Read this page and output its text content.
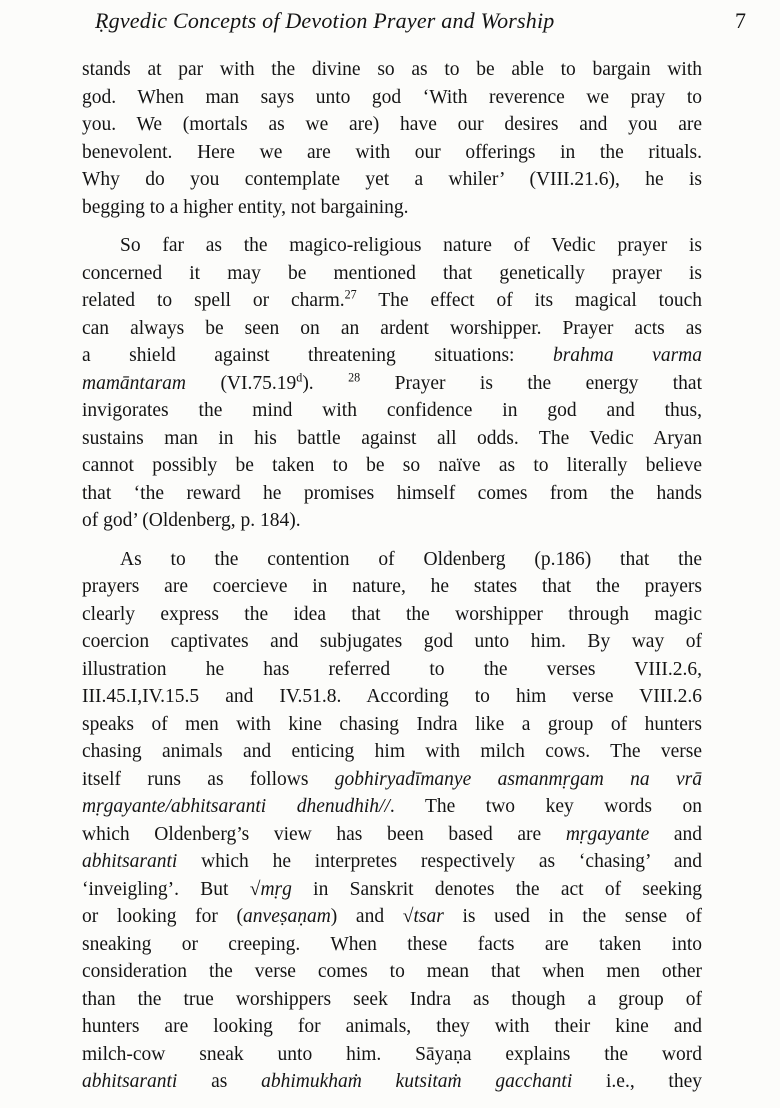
Ṛgvedic Concepts of Devotion Prayer and Worship	7
stands at par with the divine so as to be able to bargain with
god. When man says unto god ‘With reverence we pray to
you. We (mortals as we are) have our desires and you are
benevolent. Here we are with our offerings in the rituals.
Why do you contemplate yet a whiler’ (VIII.21.6), he is
begging to a higher entity, not bargaining.
So far as the magico-religious nature of Vedic prayer is
concerned it may be mentioned that genetically prayer is
related to spell or charm.$^{27}$ The effect of its magical touch
can always be seen on an ardent worshipper. Prayer acts as
a shield against threatening situations: brahma varma
mamāntaram (VI.75.19$^d$). $^{28}$ Prayer is the energy that
invigorates the mind with confidence in god and thus,
sustains man in his battle against all odds. The Vedic Aryan
cannot possibly be taken to be so naïve as to literally believe
that ‘the reward he promises himself comes from the hands
of god’ (Oldenberg, p. 184).
As to the contention of Oldenberg (p.186) that the
prayers are coercieve in nature, he states that the prayers
clearly express the idea that the worshipper through magic
coercion captivates and subjugates god unto him. By way of
illustration he has referred to the verses VIII.2.6,
III.45.I,IV.15.5 and IV.51.8. According to him verse VIII.2.6
speaks of men with kine chasing Indra like a group of hunters
chasing animals and enticing him with milch cows. The verse
itself runs as follows gobhiryadīmanye asmanmṛgam na vrā
mṛgayante/abhitsaranti dhenudhih//. The two key words on
which Oldenberg’s view has been based are mṛgayante and
abhitsaranti which he interpretes respectively as ‘chasing’ and
‘inveigling’. But √mṛg in Sanskrit denotes the act of seeking
or looking for (anveṣaṇam) and √tsar is used in the sense of
sneaking or creeping. When these facts are taken into
consideration the verse comes to mean that when men other
than the true worshippers seek Indra as though a group of
hunters are looking for animals, they with their kine and
milch-cow sneak unto him. Sāyaṇa explains the word
abhitsaranti as abhimukhaṁ kutsitaṁ gacchanti i.e., they
